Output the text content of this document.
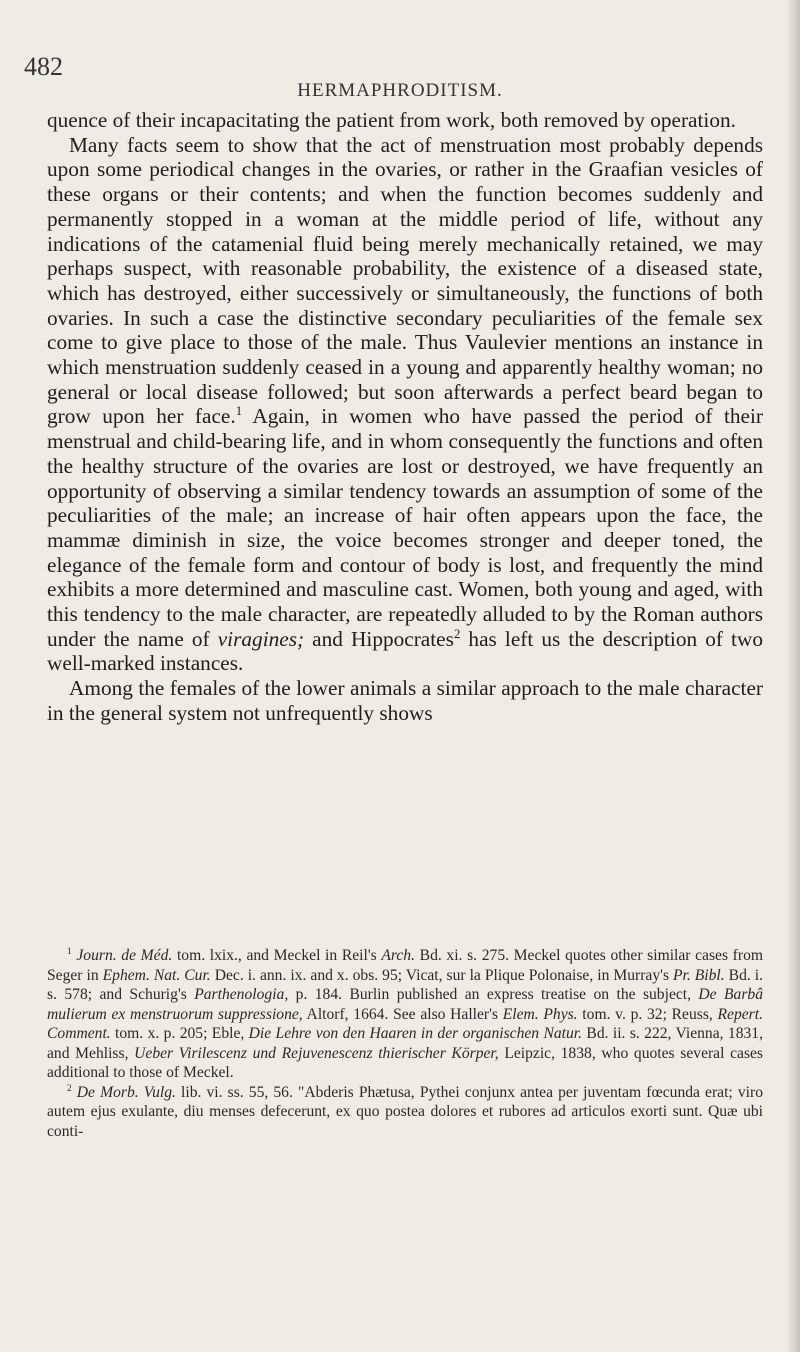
482
HERMAPHRODITISM.

quence of their incapacitating the patient from work, both removed by operation.

Many facts seem to show that the act of menstruation most probably depends upon some periodical changes in the ovaries, or rather in the Graafian vesicles of these organs or their contents; and when the function becomes suddenly and permanently stopped in a woman at the middle period of life, without any indications of the catamenial fluid being merely mechanically retained, we may perhaps suspect, with reasonable probability, the existence of a diseased state, which has destroyed, either successively or simultaneously, the functions of both ovaries. In such a case the distinctive secondary peculiarities of the female sex come to give place to those of the male. Thus Vaulevier mentions an instance in which menstruation suddenly ceased in a young and apparently healthy woman; no general or local disease followed; but soon afterwards a perfect beard began to grow upon her face.$^1$ Again, in women who have passed the period of their menstrual and child-bearing life, and in whom consequently the functions and often the healthy structure of the ovaries are lost or destroyed, we have frequently an opportunity of observing a similar tendency towards an assumption of some of the peculiarities of the male; an increase of hair often appears upon the face, the mammæ diminish in size, the voice becomes stronger and deeper toned, the elegance of the female form and contour of body is lost, and frequently the mind exhibits a more determined and masculine cast. Women, both young and aged, with this tendency to the male character, are repeatedly alluded to by the Roman authors under the name of viragines; and Hippocrates$^2$ has left us the description of two well-marked instances.

Among the females of the lower animals a similar approach to the male character in the general system not unfrequently shows

$^1$ Journ. de Méd. tom. lxix., and Meckel in Reil's Arch. Bd. xi. s. 275. Meckel quotes other similar cases from Seger in Ephem. Nat. Cur. Dec. i. ann. ix. and x. obs. 95; Vicat, sur la Plique Polonaise, in Murray's Pr. Bibl. Bd. i. s. 578; and Schurig's Parthenologia, p. 184. Burlin published an express treatise on the subject, De Barbâ mulierum ex menstruorum suppressione, Altorf, 1664. See also Haller's Elem. Phys. tom. v. p. 32; Reuss, Repert. Comment. tom. x. p. 205; Eble, Die Lehre von den Haaren in der organischen Natur. Bd. ii. s. 222, Vienna, 1831, and Mehliss, Ueber Virilescenz und Rejuvenescenz thierischer Körper, Leipzic, 1838, who quotes several cases additional to those of Meckel.

$^2$ De Morb. Vulg. lib. vi. ss. 55, 56. "Abderis Phætusa, Pythei conjunx antea per juventam fœcunda erat; viro autem ejus exulante, diu menses defecerunt, ex quo postea dolores et rubores ad articulos exorti sunt. Quæ ubi conti-
